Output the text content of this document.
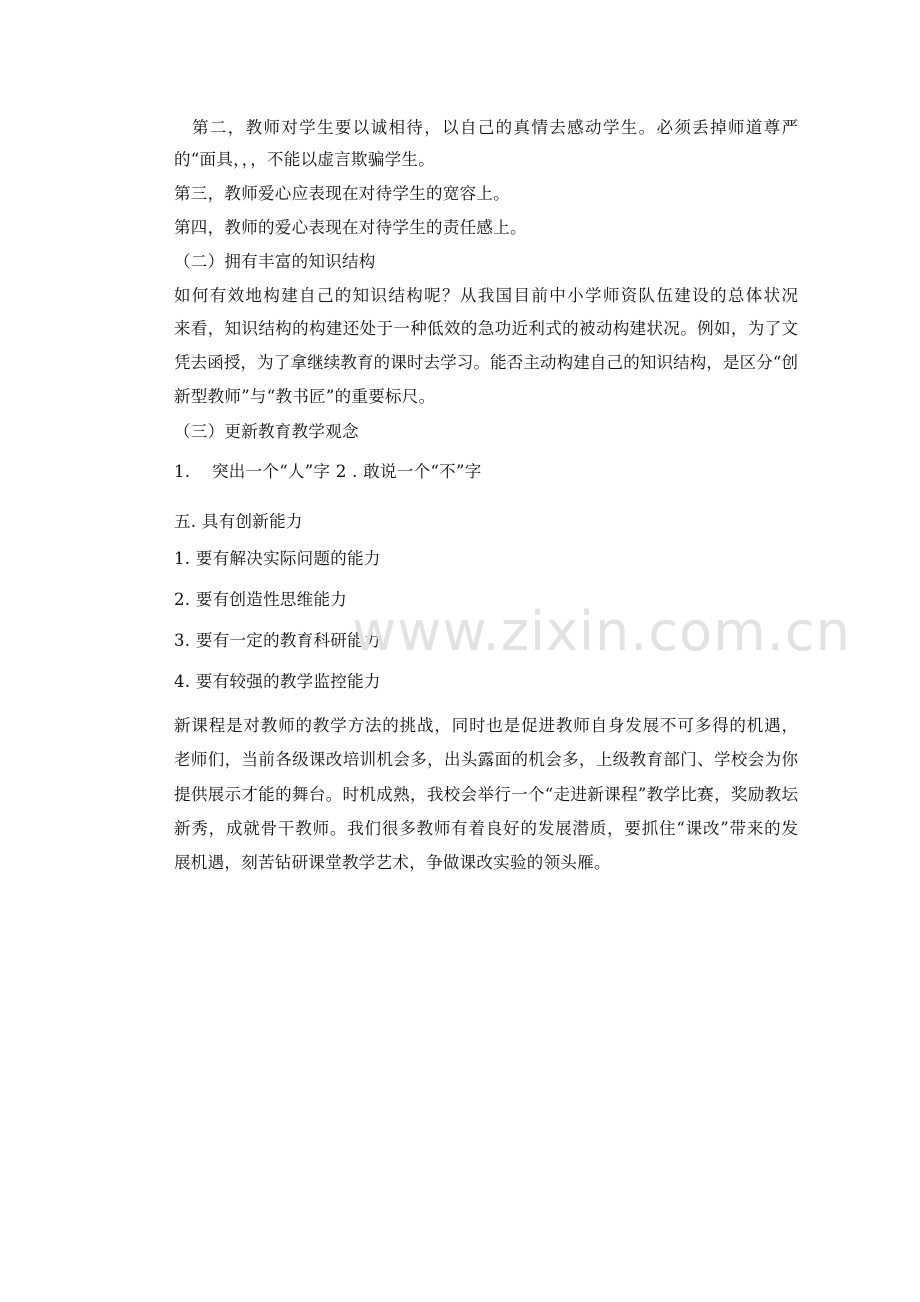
第二，教师对学生要以诚相待，以自己的真情去感动学生。必须丢掉师道尊严
的“面具，，，不能以虚言欺骗学生。
第三，教师爱心应表现在对待学生的宽容上。
第四，教师的爱心表现在对待学生的责任感上。
（二）拥有丰富的知识结构
如何有效地构建自己的知识结构呢？从我国目前中小学师资队伍建设的总体状况
来看，知识结构的构建还处于一种低效的急功近利式的被动构建状况。例如，为了文
凭去函授，为了拿继续教育的课时去学习。能否主动构建自己的知识结构，是区分“创
新型教师”与“教书匠”的重要标尺。
（三）更新教育教学观念
1. 突出一个“人”字 2 . 敢说一个“不”字
五. 具有创新能力
1. 要有解决实际问题的能力
2. 要有创造性思维能力
3. 要有一定的教育科研能力
4. 要有较强的教学监控能力
新课程是对教师的教学方法的挑战，同时也是促进教师自身发展不可多得的机遇，
老师们，当前各级课改培训机会多，出头露面的机会多，上级教育部门、学校会为你
提供展示才能的舞台。时机成熟，我校会举行一个“走进新课程”教学比赛，奖励教坛
新秀，成就骨干教师。我们很多教师有着良好的发展潜质，要抓住“课改”带来的发
展机遇，刻苦钻研课堂教学艺术，争做课改实验的领头雁。
www.zixin.com.cn
